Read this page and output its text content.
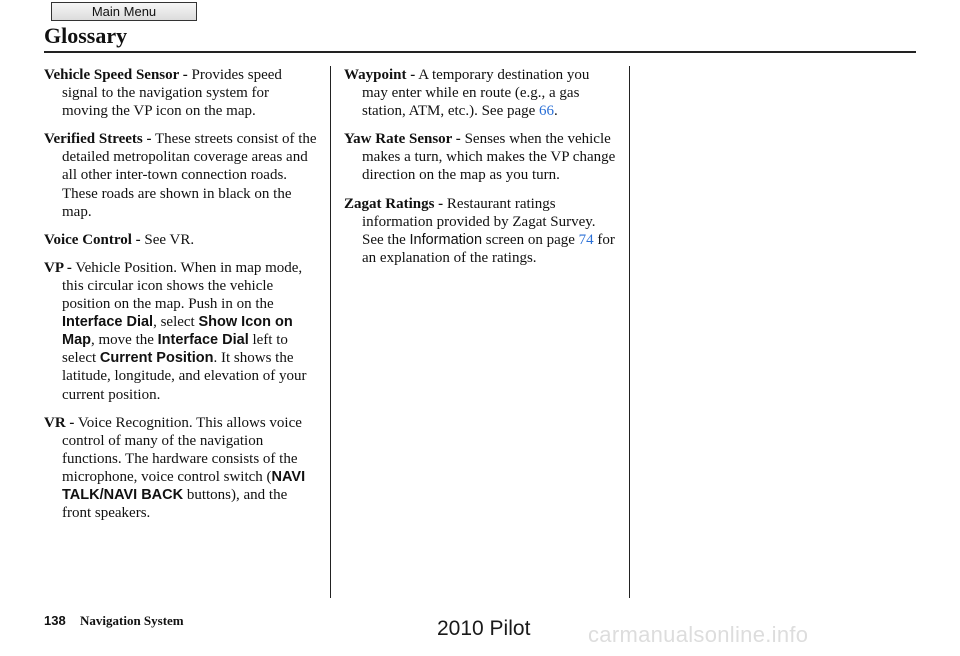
Main Menu
Glossary

Vehicle Speed Sensor - Provides speed signal to the navigation system for moving the VP icon on the map.

Verified Streets - These streets consist of the detailed metropolitan coverage areas and all other inter-town connection roads. These roads are shown in black on the map.

Voice Control - See VR.

VP - Vehicle Position. When in map mode, this circular icon shows the vehicle position on the map. Push in on the Interface Dial, select Show Icon on Map, move the Interface Dial left to select Current Position. It shows the latitude, longitude, and elevation of your current position.

VR - Voice Recognition. This allows voice control of many of the navigation functions. The hardware consists of the microphone, voice control switch (NAVI TALK/NAVI BACK buttons), and the front speakers.

Waypoint - A temporary destination you may enter while en route (e.g., a gas station, ATM, etc.). See page 66.

Yaw Rate Sensor - Senses when the vehicle makes a turn, which makes the VP change direction on the map as you turn.

Zagat Ratings - Restaurant ratings information provided by Zagat Survey. See the Information screen on page 74 for an explanation of the ratings.

138 Navigation System	2010 Pilot	carmanualsonline.info
